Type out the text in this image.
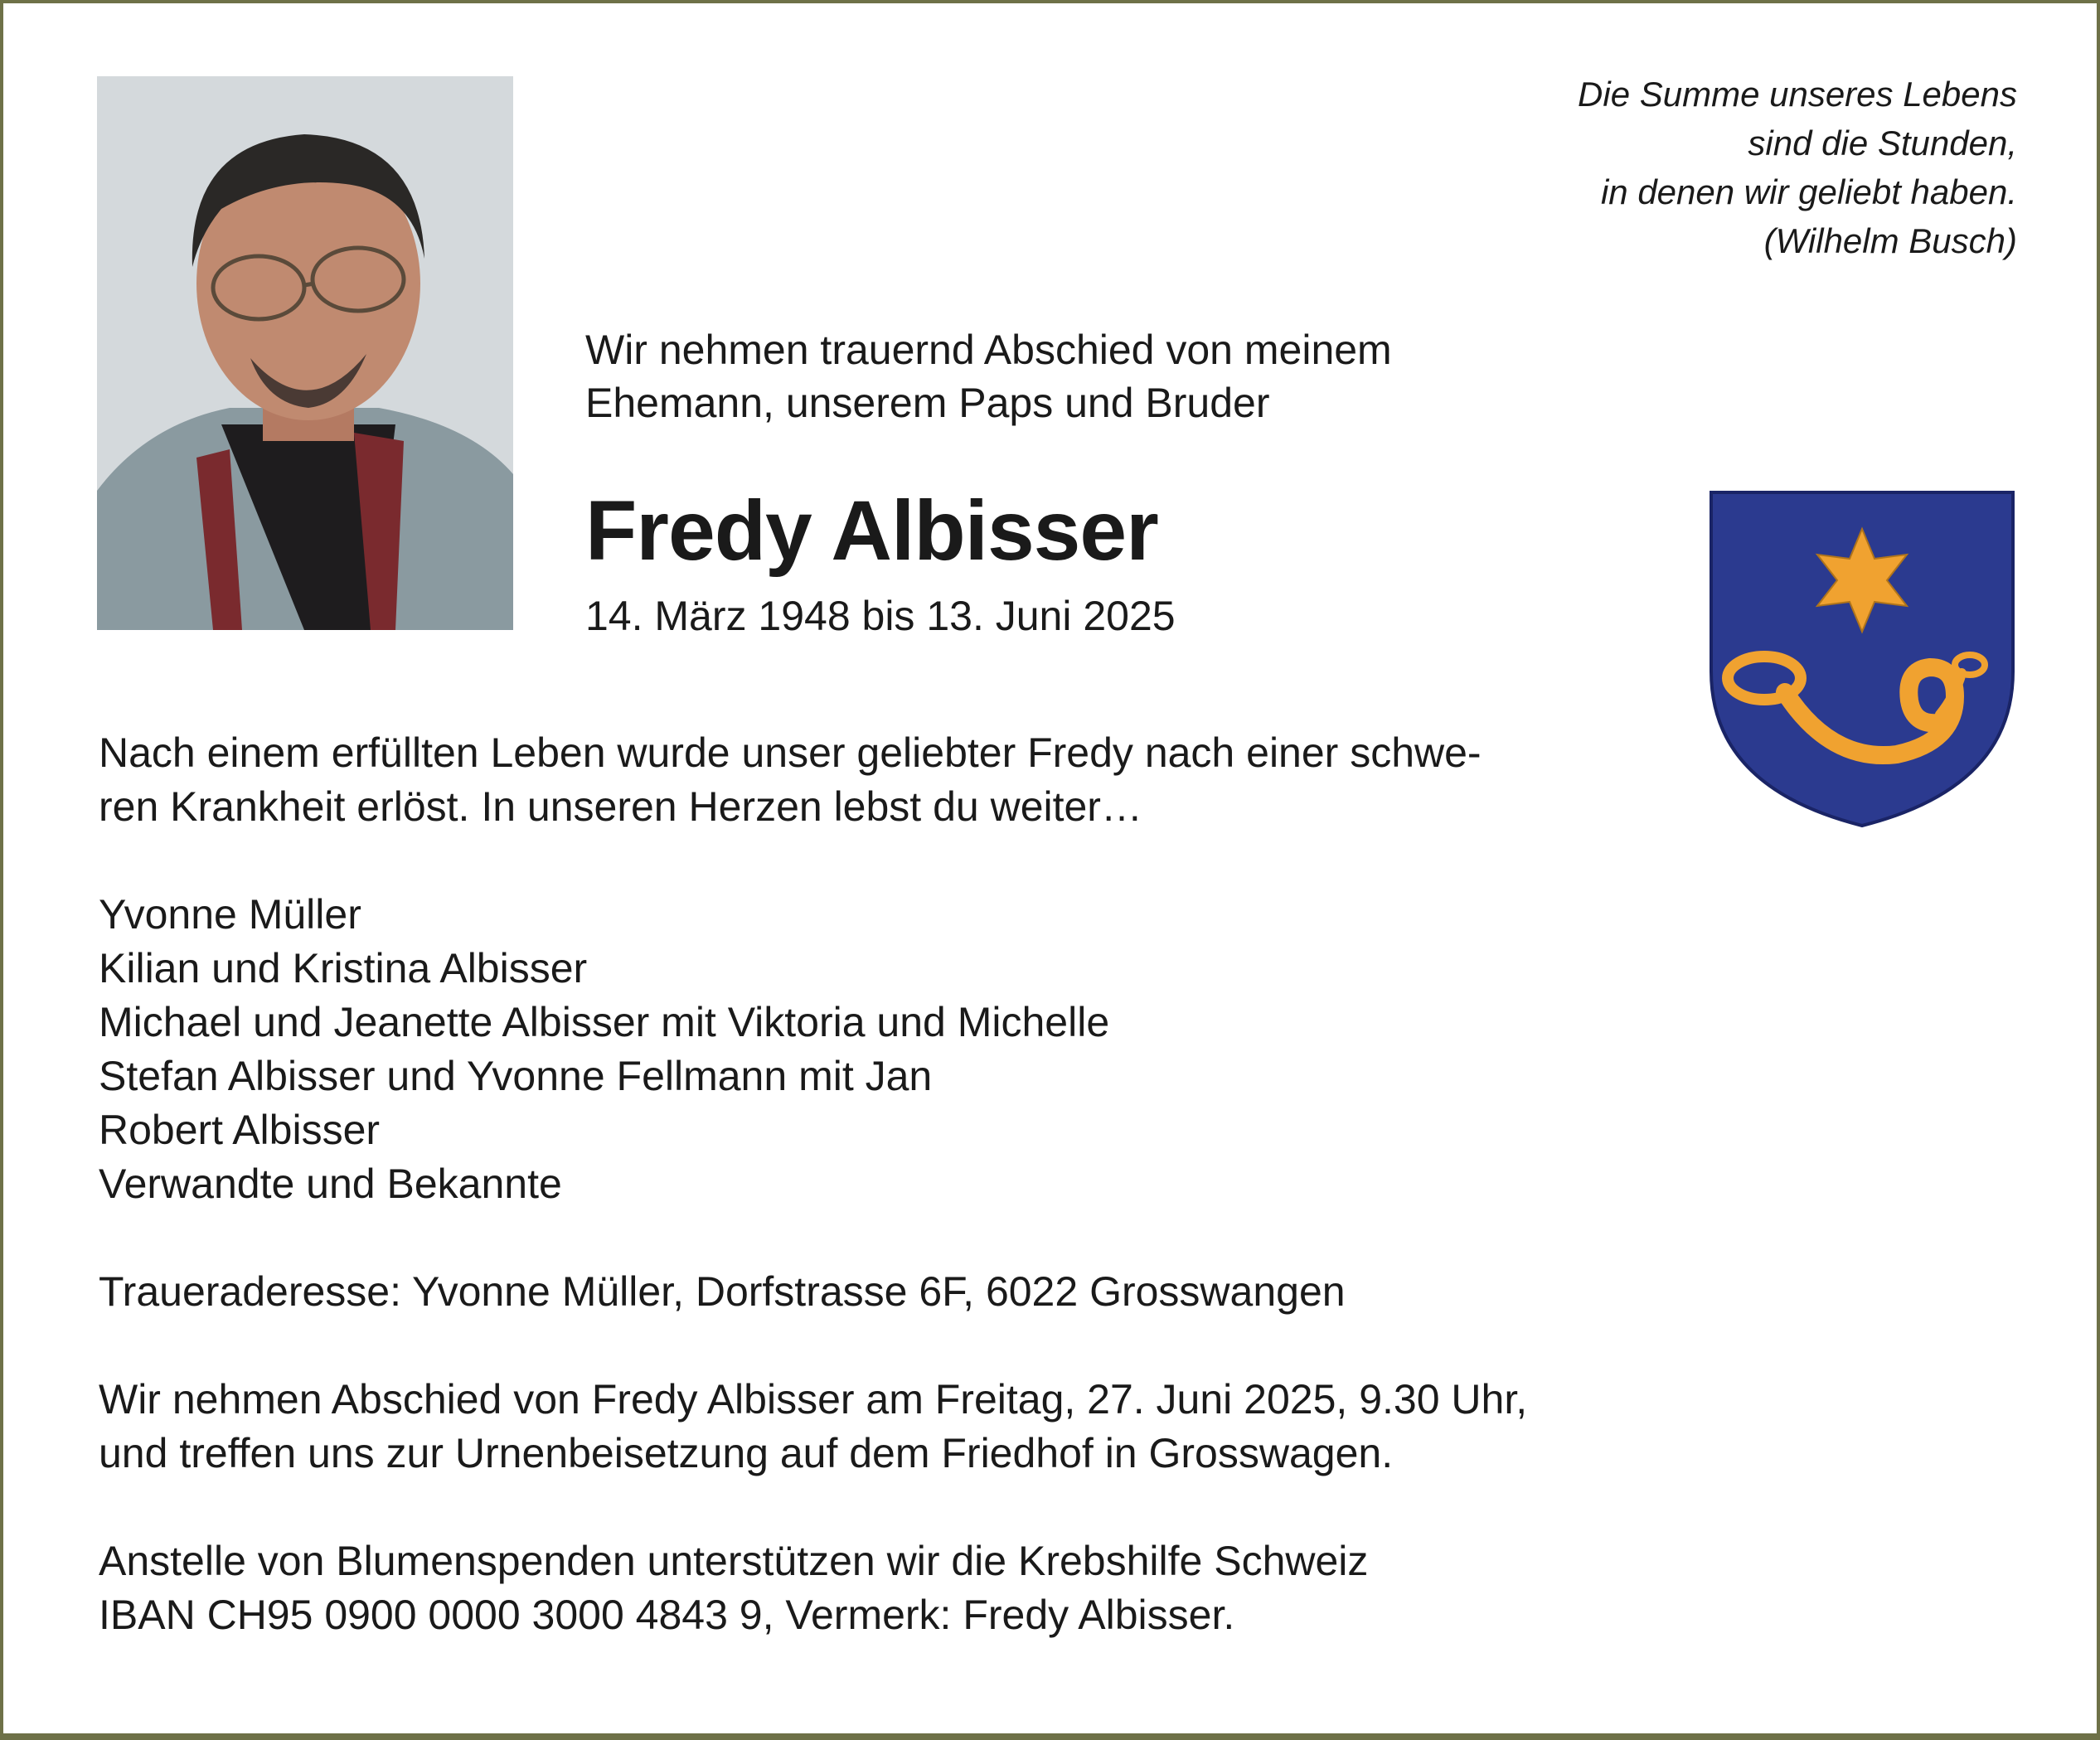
Die Summe unseres Lebens
sind die Stunden,
in denen wir geliebt haben.
(Wilhelm Busch)
Wir nehmen trauernd Abschied von meinem
Ehemann, unserem Paps und Bruder
Fredy Albisser
14. März 1948 bis 13. Juni 2025
Nach einem erfüllten Leben wurde unser geliebter Fredy nach einer schwe-
ren Krankheit erlöst. In unseren Herzen lebst du weiter…
Yvonne Müller
Kilian und Kristina Albisser
Michael und Jeanette Albisser mit Viktoria und Michelle
Stefan Albisser und Yvonne Fellmann mit Jan
Robert Albisser
Verwandte und Bekannte
Traueraderesse: Yvonne Müller, Dorfstrasse 6F, 6022 Grosswangen
Wir nehmen Abschied von Fredy Albisser am Freitag, 27. Juni 2025, 9.30 Uhr,
und treffen uns zur Urnenbeisetzung auf dem Friedhof in Grosswagen.
Anstelle von Blumenspenden unterstützen wir die Krebshilfe Schweiz
IBAN CH95 0900 0000 3000 4843 9, Vermerk: Fredy Albisser.
